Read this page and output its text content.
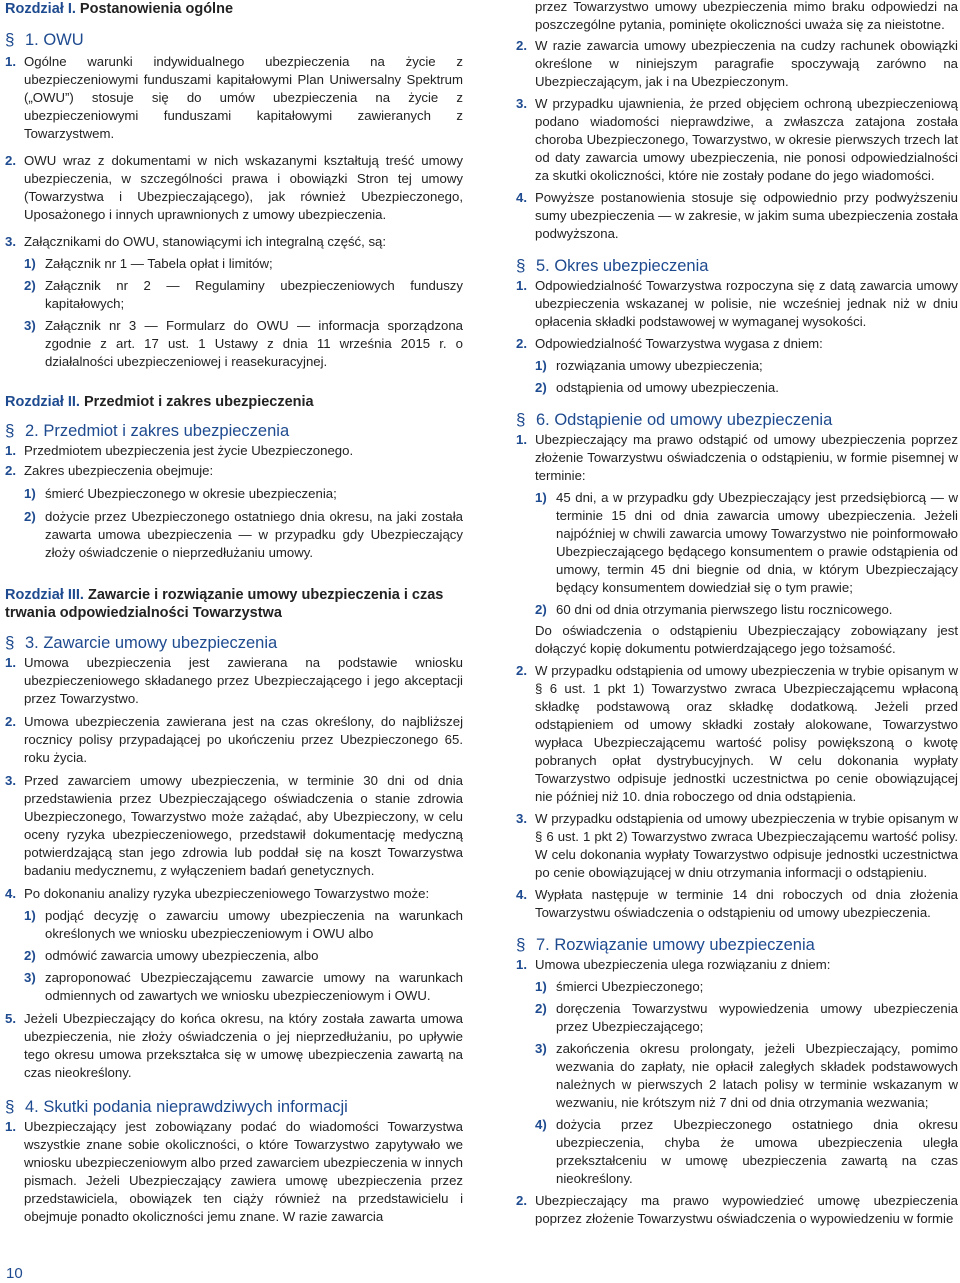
Rozdział I. Postanowienia ogólne

§ 1. OWU
1. Ogólne warunki indywidualnego ubezpieczenia na życie z ubezpieczeniowymi funduszami kapitałowymi Plan Uniwersalny Spektrum („OWU”) stosuje się do umów ubezpieczenia na życie z ubezpieczeniowymi funduszami kapitałowymi zawieranych z Towarzystwem.
2. OWU wraz z dokumentami w nich wskazanymi kształtują treść umowy ubezpieczenia, w szczególności prawa i obowiązki Stron tej umowy (Towarzystwa i Ubezpieczającego), jak również Ubezpieczonego, Uposażonego i innych uprawnionych z umowy ubezpieczenia.
3. Załącznikami do OWU, stanowiącymi ich integralną część, są:
1) Załącznik nr 1 — Tabela opłat i limitów;
2) Załącznik nr 2 — Regulaminy ubezpieczeniowych funduszy kapitałowych;
3) Załącznik nr 3 — Formularz do OWU — informacja sporządzona zgodnie z art. 17 ust. 1 Ustawy z dnia 11 września 2015 r. o działalności ubezpieczeniowej i reasekuracyjnej.

Rozdział II. Przedmiot i zakres ubezpieczenia

§ 2. Przedmiot i zakres ubezpieczenia
1. Przedmiotem ubezpieczenia jest życie Ubezpieczonego.
2. Zakres ubezpieczenia obejmuje:
1) śmierć Ubezpieczonego w okresie ubezpieczenia;
2) dożycie przez Ubezpieczonego ostatniego dnia okresu, na jaki została zawarta umowa ubezpieczenia — w przypadku gdy Ubezpieczający złoży oświadczenie o nieprzedłużaniu umowy.

Rozdział III. Zawarcie i rozwiązanie umowy ubezpieczenia i czas trwania odpowiedzialności Towarzystwa

§ 3. Zawarcie umowy ubezpieczenia
1. Umowa ubezpieczenia jest zawierana na podstawie wniosku ubezpieczeniowego składanego przez Ubezpieczającego i jego akceptacji przez Towarzystwo.
2. Umowa ubezpieczenia zawierana jest na czas określony, do najbliższej rocznicy polisy przypadającej po ukończeniu przez Ubezpieczonego 65. roku życia.
3. Przed zawarciem umowy ubezpieczenia, w terminie 30 dni od dnia przedstawienia przez Ubezpieczającego oświadczenia o stanie zdrowia Ubezpieczonego, Towarzystwo może zażądać, aby Ubezpieczony, w celu oceny ryzyka ubezpieczeniowego, przedstawił dokumentację medyczną potwierdzającą stan jego zdrowia lub poddał się na koszt Towarzystwa badaniu medycznemu, z wyłączeniem badań genetycznych.
4. Po dokonaniu analizy ryzyka ubezpieczeniowego Towarzystwo może:
1) podjąć decyzję o zawarciu umowy ubezpieczenia na warunkach określonych we wniosku ubezpieczeniowym i OWU albo
2) odmówić zawarcia umowy ubezpieczenia, albo
3) zaproponować Ubezpieczającemu zawarcie umowy na warunkach odmiennych od zawartych we wniosku ubezpieczeniowym i OWU.
5. Jeżeli Ubezpieczający do końca okresu, na który została zawarta umowa ubezpieczenia, nie złoży oświadczenia o jej nieprzedłużaniu, po upływie tego okresu umowa przekształca się w umowę ubezpieczenia zawartą na czas nieokreślony.
§ 4. Skutki podania nieprawdziwych informacji
1. Ubezpieczający jest zobowiązany podać do wiadomości Towarzystwa wszystkie znane sobie okoliczności, o które Towarzystwo zapytywało we wniosku ubezpieczeniowym albo przed zawarciem ubezpieczenia w innych pismach. Jeżeli Ubezpieczający zawiera umowę ubezpieczenia przez przedstawiciela, obowiązek ten ciąży również na przedstawicielu i obejmuje ponadto okoliczności jemu znane. W razie zawarcia
przez Towarzystwo umowy ubezpieczenia mimo braku odpowiedzi na poszczególne pytania, pominięte okoliczności uważa się za nieistotne.
2. W razie zawarcia umowy ubezpieczenia na cudzy rachunek obowiązki określone w niniejszym paragrafie spoczywają zarówno na Ubezpieczającym, jak i na Ubezpieczonym.
3. W przypadku ujawnienia, że przed objęciem ochroną ubezpieczeniową podano wiadomości nieprawdziwe, a zwłaszcza zatajona została choroba Ubezpieczonego, Towarzystwo, w okresie pierwszych trzech lat od daty zawarcia umowy ubezpieczenia, nie ponosi odpowiedzialności za skutki okoliczności, które nie zostały podane do jego wiadomości.
4. Powyższe postanowienia stosuje się odpowiednio przy podwyższeniu sumy ubezpieczenia — w zakresie, w jakim suma ubezpieczenia została podwyższona.
§ 5. Okres ubezpieczenia
1. Odpowiedzialność Towarzystwa rozpoczyna się z datą zawarcia umowy ubezpieczenia wskazanej w polisie, nie wcześniej jednak niż w dniu opłacenia składki podstawowej w wymaganej wysokości.
2. Odpowiedzialność Towarzystwa wygasa z dniem:
1) rozwiązania umowy ubezpieczenia;
2) odstąpienia od umowy ubezpieczenia.
§ 6. Odstąpienie od umowy ubezpieczenia
1. Ubezpieczający ma prawo odstąpić od umowy ubezpieczenia poprzez złożenie Towarzystwu oświadczenia o odstąpieniu, w formie pisemnej w terminie:
1) 45 dni, a w przypadku gdy Ubezpieczający jest przedsiębiorcą — w terminie 15 dni od dnia zawarcia umowy ubezpieczenia. Jeżeli najpóźniej w chwili zawarcia umowy Towarzystwo nie poinformowało Ubezpieczającego będącego konsumentem o prawie odstąpienia od umowy, termin 45 dni biegnie od dnia, w którym Ubezpieczający będący konsumentem dowiedział się o tym prawie;
2) 60 dni od dnia otrzymania pierwszego listu rocznicowego.
Do oświadczenia o odstąpieniu Ubezpieczający zobowiązany jest dołączyć kopię dokumentu potwierdzającego jego tożsamość.
2. W przypadku odstąpienia od umowy ubezpieczenia w trybie opisanym w § 6 ust. 1 pkt 1) Towarzystwo zwraca Ubezpieczającemu wpłaconą składkę podstawową oraz składkę dodatkową. Jeżeli przed odstąpieniem od umowy składki zostały alokowane, Towarzystwo wypłaca Ubezpieczającemu wartość polisy powiększoną o kwotę pobranych opłat dystrybucyjnych. W celu dokonania wypłaty Towarzystwo odpisuje jednostki uczestnictwa po cenie obowiązującej nie później niż 10. dnia roboczego od dnia odstąpienia.
3. W przypadku odstąpienia od umowy ubezpieczenia w trybie opisanym w § 6 ust. 1 pkt 2) Towarzystwo zwraca Ubezpieczającemu wartość polisy. W celu dokonania wypłaty Towarzystwo odpisuje jednostki uczestnictwa po cenie obowiązującej w dniu otrzymania informacji o odstąpieniu.
4. Wypłata następuje w terminie 14 dni roboczych od dnia złożenia Towarzystwu oświadczenia o odstąpieniu od umowy ubezpieczenia.
§ 7. Rozwiązanie umowy ubezpieczenia
1. Umowa ubezpieczenia ulega rozwiązaniu z dniem:
1) śmierci Ubezpieczonego;
2) doręczenia Towarzystwu wypowiedzenia umowy ubezpieczenia przez Ubezpieczającego;
3) zakończenia okresu prolongaty, jeżeli Ubezpieczający, pomimo wezwania do zapłaty, nie opłacił zaległych składek podstawowych należnych w pierwszych 2 latach polisy w terminie wskazanym w wezwaniu, nie krótszym niż 7 dni od dnia otrzymania wezwania;
4) dożycia przez Ubezpieczonego ostatniego dnia okresu ubezpieczenia, chyba że umowa ubezpieczenia uległa przekształceniu w umowę ubezpieczenia zawartą na czas nieokreślony.
2. Ubezpieczający ma prawo wypowiedzieć umowę ubezpieczenia poprzez złożenie Towarzystwu oświadczenia o wypowiedzeniu w formie
10
